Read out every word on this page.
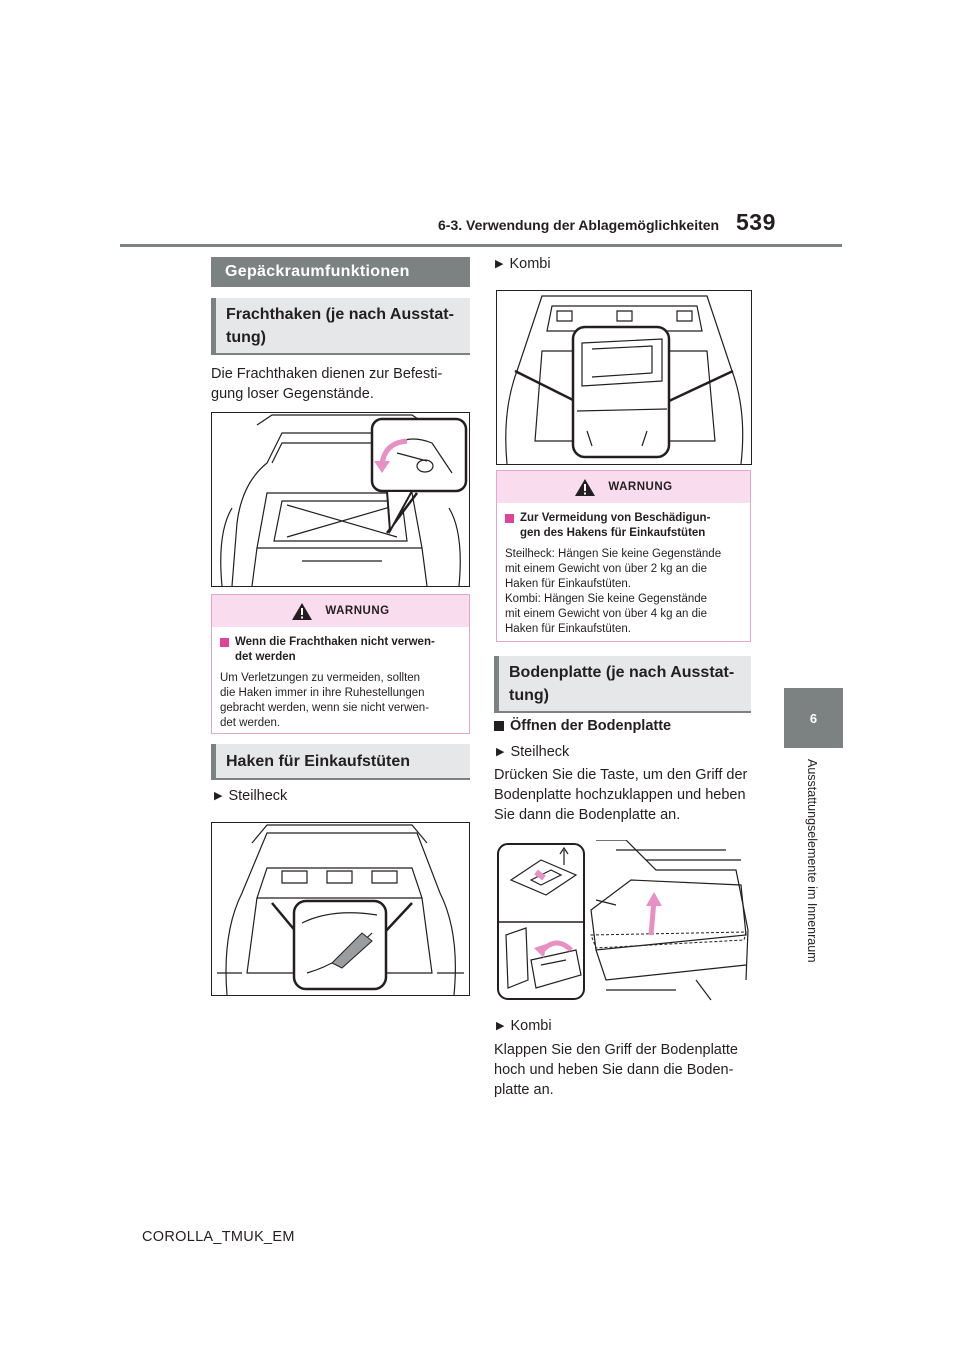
6-3. Verwendung der Ablagemöglichkeiten 539
6
Ausstattungselemente im Innenraum
Gepäckraumfunktionen
Frachthaken (je nach Ausstat-
tung)
Die Frachthaken dienen zur Befesti-
gung loser Gegenstände.
WARNUNG
Wenn die Frachthaken nicht verwen-
det werden
Um Verletzungen zu vermeiden, sollten
die Haken immer in ihre Ruhestellungen
gebracht werden, wenn sie nicht verwen-
det werden.
Haken für Einkaufstüten
▶ Steilheck
▶ Kombi
WARNUNG
Zur Vermeidung von Beschädigun-
gen des Hakens für Einkaufstüten
Steilheck: Hängen Sie keine Gegenstände
mit einem Gewicht von über 2 kg an die
Haken für Einkaufstüten.
Kombi: Hängen Sie keine Gegenstände
mit einem Gewicht von über 4 kg an die
Haken für Einkaufstüten.
Bodenplatte (je nach Ausstat-
tung)
Öffnen der Bodenplatte
▶ Steilheck
Drücken Sie die Taste, um den Griff der
Bodenplatte hochzuklappen und heben
Sie dann die Bodenplatte an.
▶ Kombi
Klappen Sie den Griff der Bodenplatte
hoch und heben Sie dann die Boden-
platte an.
COROLLA_TMUK_EM
